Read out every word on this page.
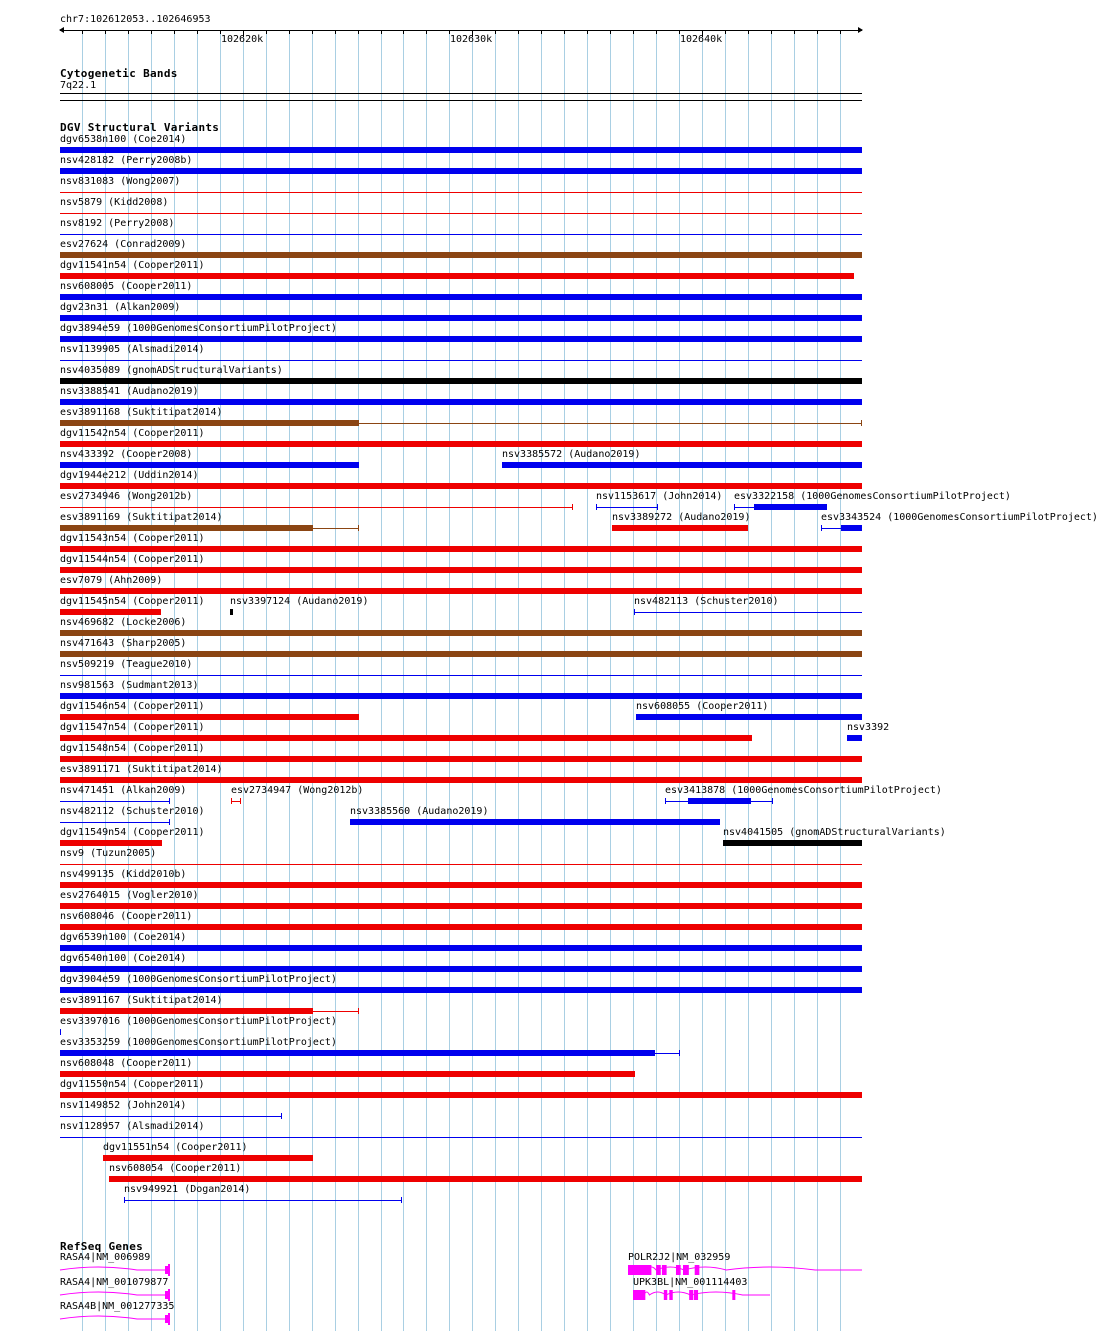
chr7:102612053..102646953
102620k	102630k	102640k
Cytogenetic Bands
7q22.1
DGV Structural Variants
dgv6538n100 (Coe2014)
nsv428182 (Perry2008b)
nsv831083 (Wong2007)
nsv5879 (Kidd2008)
nsv8192 (Perry2008)
esv27624 (Conrad2009)
dgv11541n54 (Cooper2011)
nsv608005 (Cooper2011)
dgv23n31 (Alkan2009)
dgv3894e59 (1000GenomesConsortiumPilotProject)
nsv1139905 (Alsmadi2014)
nsv4035089 (gnomADStructuralVariants)
nsv3388541 (Audano2019)
esv3891168 (Suktitipat2014)
dgv11542n54 (Cooper2011)
nsv433392 (Cooper2008)	nsv3385572 (Audano2019)
dgv1944e212 (Uddin2014)
esv2734946 (Wong2012b)	nsv1153617 (John2014) esv3322158 (1000GenomesConsortiumPilotProject)
esv3891169 (Suktitipat2014)	nsv3389272 (Audano2019)	esv3343524 (1000GenomesConsortiumPilotProject)
dgv11543n54 (Cooper2011)
dgv11544n54 (Cooper2011)
esv7079 (Ahn2009)
dgv11545n54 (Cooper2011)	nsv3397124 (Audano2019)	nsv482113 (Schuster2010)
nsv469682 (Locke2006)
nsv471643 (Sharp2005)
nsv509219 (Teague2010)
nsv981563 (Sudmant2013)
dgv11546n54 (Cooper2011)	nsv608055 (Cooper2011)
dgv11547n54 (Cooper2011)	nsv3392
dgv11548n54 (Cooper2011)
esv3891171 (Suktitipat2014)
nsv471451 (Alkan2009)	esv2734947 (Wong2012b)	esv3413878 (1000GenomesConsortiumPilotProject)
nsv482112 (Schuster2010)	nsv3385560 (Audano2019)
dgv11549n54 (Cooper2011)	nsv4041505 (gnomADStructuralVariants)
nsv9 (Tuzun2005)
nsv499135 (Kidd2010b)
esv2764015 (Vogler2010)
nsv608046 (Cooper2011)
dgv6539n100 (Coe2014)
dgv6540n100 (Coe2014)
dgv3904e59 (1000GenomesConsortiumPilotProject)
esv3891167 (Suktitipat2014)
esv3397016 (1000GenomesConsortiumPilotProject)
esv3353259 (1000GenomesConsortiumPilotProject)
nsv608048 (Cooper2011)
dgv11550n54 (Cooper2011)
nsv1149852 (John2014)
nsv1128957 (Alsmadi2014)
dgv11551n54 (Cooper2011)
nsv608054 (Cooper2011)
nsv949921 (Dogan2014)
RefSeq Genes
RASA4|NM_006989
RASA4|NM_001079877
RASA4B|NM_001277335
POLR2J2|NM_032959
UPK3BL|NM_001114403
